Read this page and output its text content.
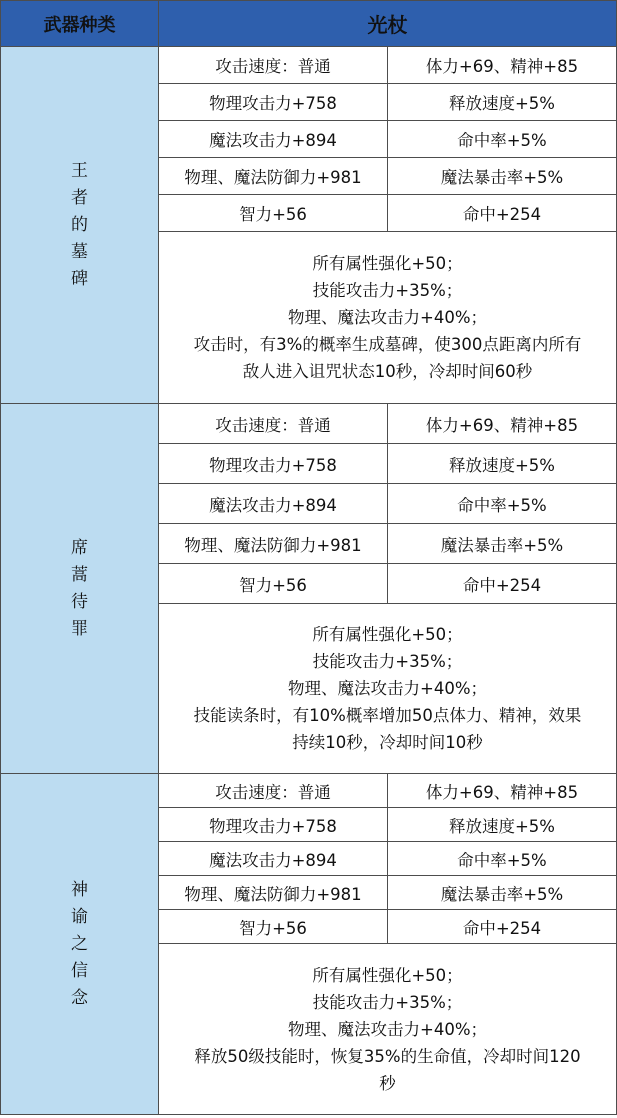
武器种类	光杖	
王者的墓碑	攻击速度：普通	体力+69、精神+85
	物理攻击力+758	释放速度+5%
	魔法攻击力+894	命中率+5%
	物理、魔法防御力+981	魔法暴击率+5%
	智力+56	命中+254

	所有属性强化+50；
技能攻击力+35%；
物理、魔法攻击力+40%；
攻击时，有3%的概率生成墓碑，使300点距离内所有
敌人进入诅咒状态10秒，冷却时间60秒	

席蒿待罪	攻击速度：普通	体力+69、精神+85
	物理攻击力+758	释放速度+5%
	魔法攻击力+894	命中率+5%
	物理、魔法防御力+981	魔法暴击率+5%
	智力+56	命中+254

	所有属性强化+50；
技能攻击力+35%；
物理、魔法攻击力+40%；
技能读条时，有10%概率增加50点体力、精神，效果
持续10秒，冷却时间10秒	

神谕之信念	攻击速度：普通	体力+69、精神+85
	物理攻击力+758	释放速度+5%
	魔法攻击力+894	命中率+5%
	物理、魔法防御力+981	魔法暴击率+5%
	智力+56	命中+254

	所有属性强化+50；
技能攻击力+35%；
物理、魔法攻击力+40%；
释放50级技能时，恢复35%的生命值，冷却时间120
秒	
